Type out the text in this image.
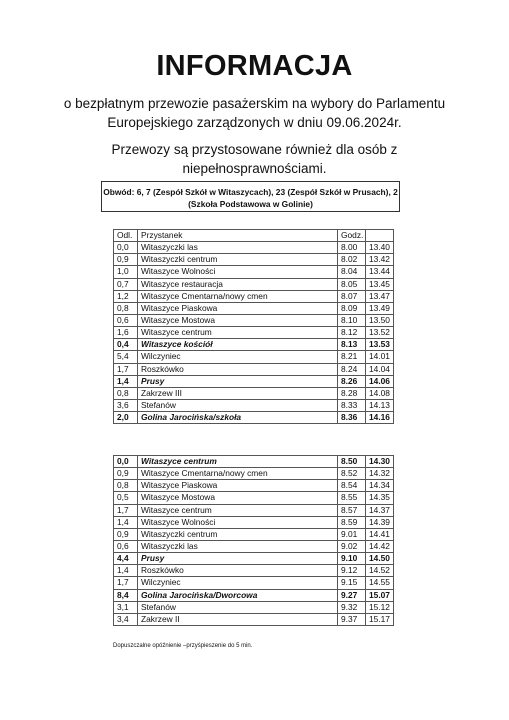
INFORMACJA
o bezpłatnym przewozie pasażerskim na wybory do Parlamentu Europejskiego zarządzonych w dniu 09.06.2024r.
Przewozy są przystosowane również dla osób z niepełnosprawnościami.
Obwód: 6, 7 (Zespół Szkół w Witaszycach), 23 (Zespół Szkół w Prusach), 2 (Szkoła Podstawowa w Golinie)
Odl.	Przystanek	Godz.	
0,0	Witaszyczki las	8.00	13.40
0,9	Witaszyczki centrum	8.02	13.42
1,0	Witaszyce Wolności	8.04	13.44
0,7	Witaszyce restauracja	8.05	13.45
1,2	Witaszyce Cmentarna/nowy cmen	8.07	13.47
0,8	Witaszyce Piaskowa	8.09	13.49
0,6	Witaszyce Mostowa	8.10	13.50
1,6	Witaszyce centrum	8.12	13.52
0,4	Witaszyce kościół	8.13	13.53
5,4	Wilczyniec	8.21	14.01
1,7	Roszkówko	8.24	14.04
1,4	Prusy	8.26	14.06
0,8	Zakrzew III	8.28	14.08
3,6	Stefanów	8.33	14.13
2,0	Golina Jarocińska/szkoła	8.36	14.16
0,0	Witaszyce centrum	8.50	14.30
0,9	Witaszyce Cmentarna/nowy cmen	8.52	14.32
0,8	Witaszyce Piaskowa	8.54	14.34
0,5	Witaszyce Mostowa	8.55	14.35
1,7	Witaszyce centrum	8.57	14.37
1,4	Witaszyce Wolności	8.59	14.39
0,9	Witaszyczki centrum	9.01	14.41
0,6	Witaszyczki las	9.02	14.42
4,4	Prusy	9.10	14.50
1,4	Roszkówko	9.12	14.52
1,7	Wilczyniec	9.15	14.55
8,4	Golina Jarocińska/Dworcowa	9.27	15.07
3,1	Stefanów	9.32	15.12
3,4	Zakrzew II	9.37	15.17
Dopuszczalne opóźnienie –przyśpieszenie do 5 min.
